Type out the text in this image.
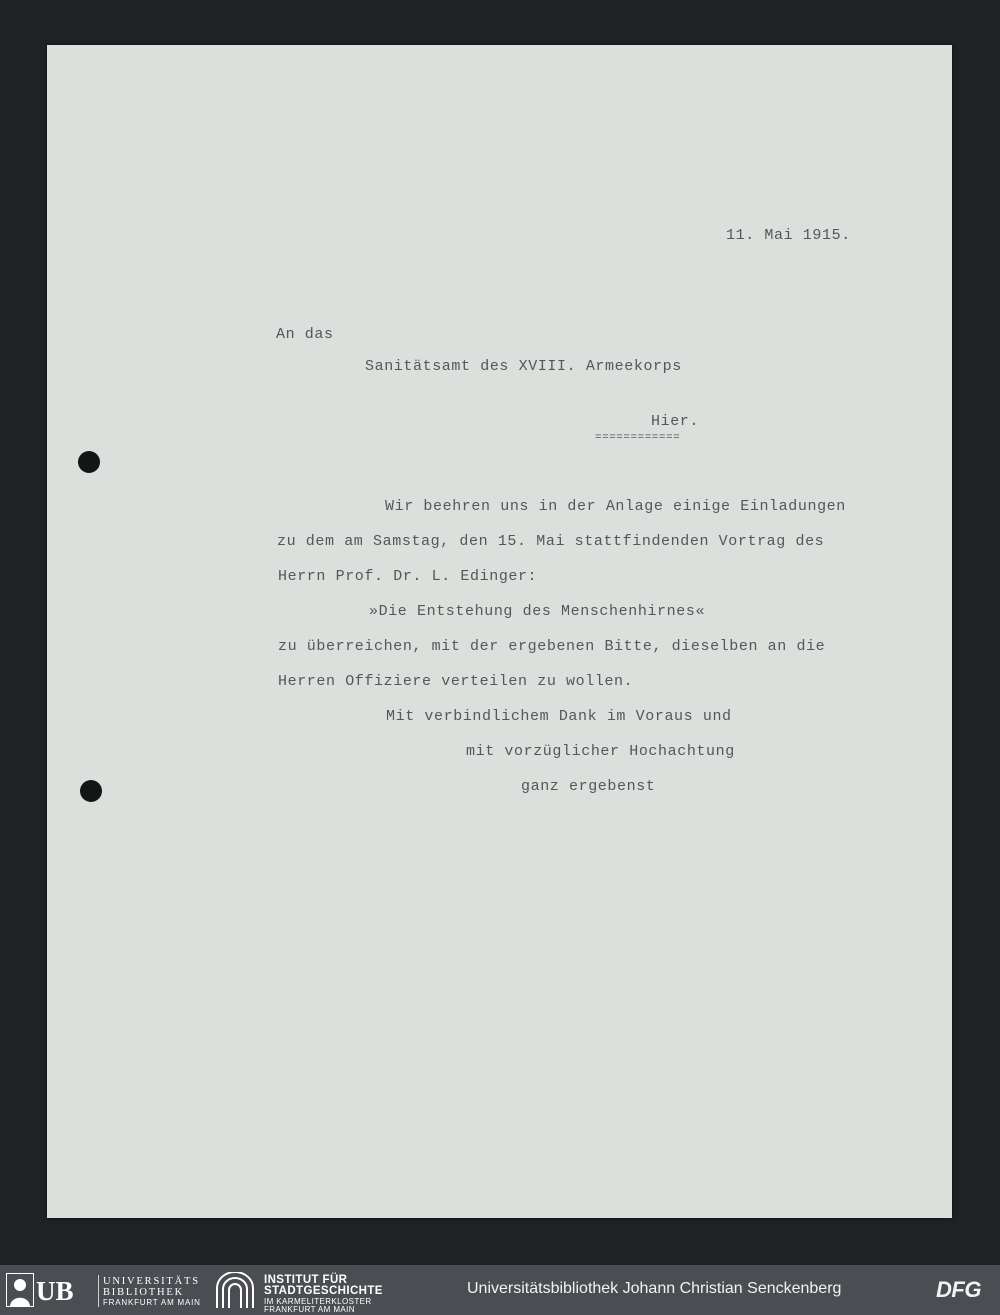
11. Mai 1915.
An das
Sanitätsamt des XVIII. Armeekorps
Hier.
============
Wir beehren uns in der Anlage einige Einladungen
zu dem am Samstag, den 15. Mai stattfindenden Vortrag des
Herrn Prof. Dr. L. Edinger:
»Die Entstehung des Menschenhirnes«
zu überreichen, mit der ergebenen Bitte, dieselben an die
Herren Offiziere verteilen zu wollen.
Mit verbindlichem Dank im Voraus und
mit vorzüglicher Hochachtung
ganz ergebenst
UB	UNIVERSITÄTS
BIBLIOTHEK
FRANKFURT AM MAIN
INSTITUT FÜR
STADTGESCHICHTE
IM KARMELITERKLOSTER
FRANKFURT AM MAIN
Universitätsbibliothek Johann Christian Senckenberg	DFG
